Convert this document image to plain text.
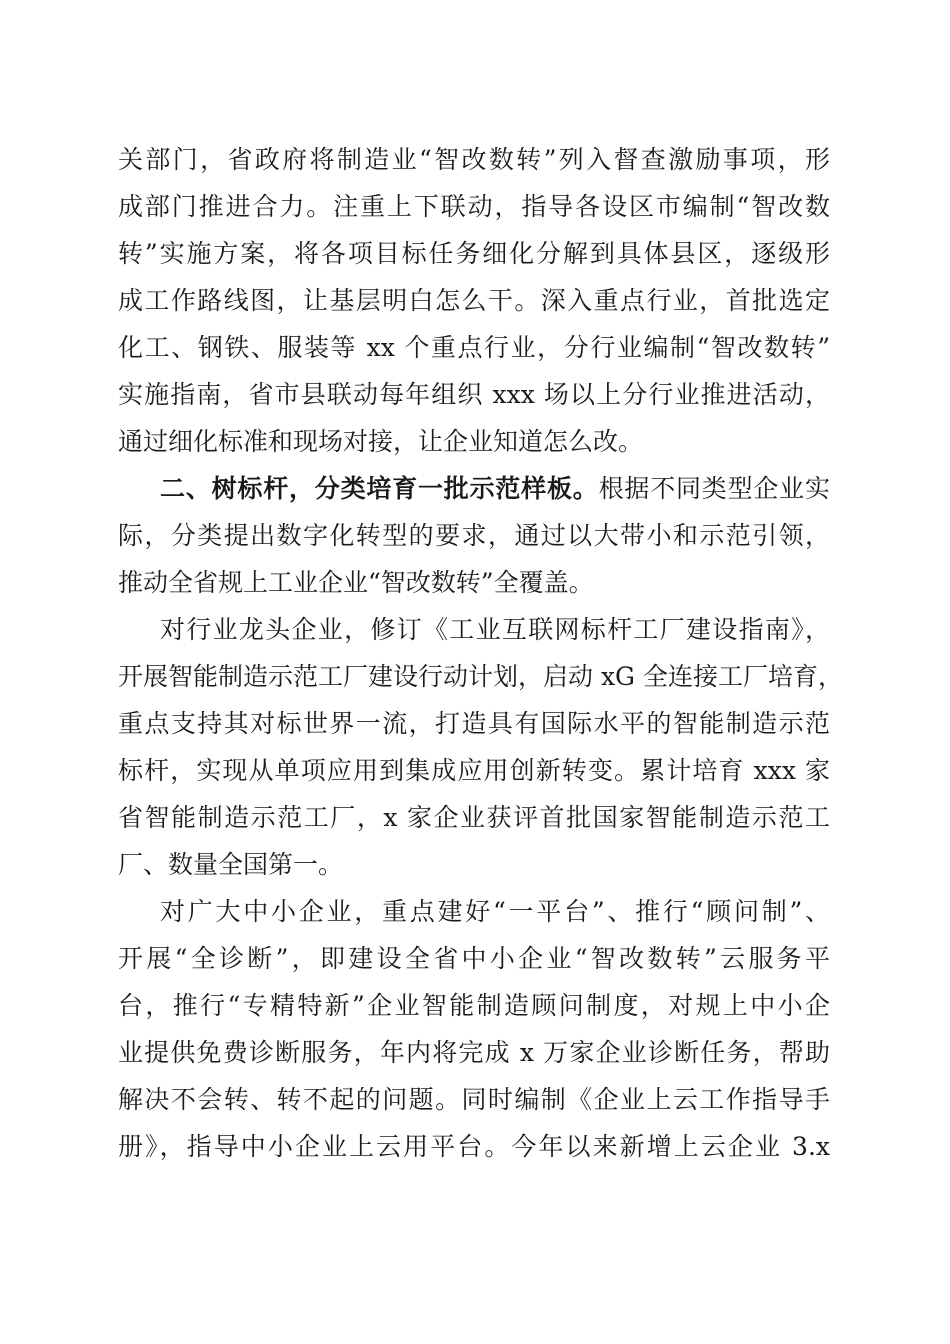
关部门，省政府将制造业“智改数转”列入督查激励事项，形
成部门推进合力。注重上下联动，指导各设区市编制“智改数
转”实施方案，将各项目标任务细化分解到具体县区，逐级形
成工作路线图，让基层明白怎么干。深入重点行业，首批选定
化工、钢铁、服装等 xx 个重点行业，分行业编制“智改数转”
实施指南，省市县联动每年组织 xxx 场以上分行业推进活动，
通过细化标准和现场对接，让企业知道怎么改。
二、树标杆，分类培育一批示范样板。根据不同类型企业实
际，分类提出数字化转型的要求，通过以大带小和示范引领，
推动全省规上工业企业“智改数转”全覆盖。
对行业龙头企业，修订《工业互联网标杆工厂建设指南》，
开展智能制造示范工厂建设行动计划，启动 xG 全连接工厂培育，
重点支持其对标世界一流，打造具有国际水平的智能制造示范
标杆，实现从单项应用到集成应用创新转变。累计培育 xxx 家
省智能制造示范工厂，x 家企业获评首批国家智能制造示范工
厂、数量全国第一。
对广大中小企业，重点建好“一平台”、推行“顾问制”、
开展“全诊断”，即建设全省中小企业“智改数转”云服务平
台，推行“专精特新”企业智能制造顾问制度，对规上中小企
业提供免费诊断服务，年内将完成 x 万家企业诊断任务，帮助
解决不会转、转不起的问题。同时编制《企业上云工作指导手
册》，指导中小企业上云用平台。今年以来新增上云企业 3.x
